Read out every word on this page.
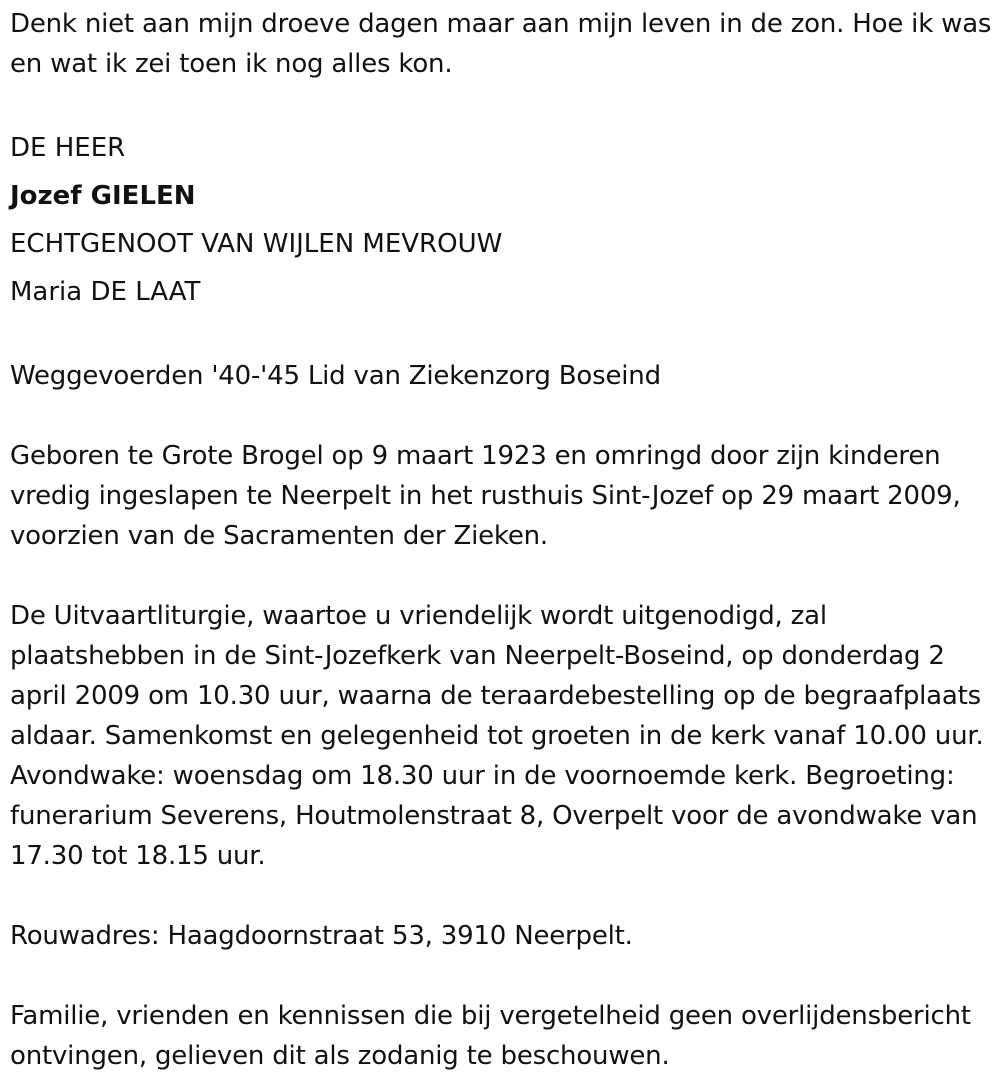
Denk niet aan mijn droeve dagen maar aan mijn leven in de zon. Hoe ik was en wat ik zei toen ik nog alles kon.

DE HEER

Jozef GIELEN

ECHTGENOOT VAN WIJLEN MEVROUW

Maria DE LAAT

Weggevoerden '40-'45 Lid van Ziekenzorg Boseind

Geboren te Grote Brogel op 9 maart 1923 en omringd door zijn kinderen vredig ingeslapen te Neerpelt in het rusthuis Sint-Jozef op 29 maart 2009, voorzien van de Sacramenten der Zieken.

De Uitvaartliturgie, waartoe u vriendelijk wordt uitgenodigd, zal plaatshebben in de Sint-Jozefkerk van Neerpelt-Boseind, op donderdag 2 april 2009 om 10.30 uur, waarna de teraardebestelling op de begraafplaats aldaar. Samenkomst en gelegenheid tot groeten in de kerk vanaf 10.00 uur. Avondwake: woensdag om 18.30 uur in de voornoemde kerk. Begroeting: funerarium Severens, Houtmolenstraat 8, Overpelt voor de avondwake van 17.30 tot 18.15 uur.

Rouwadres: Haagdoornstraat 53, 3910 Neerpelt.

Familie, vrienden en kennissen die bij vergetelheid geen overlijdensbericht ontvingen, gelieven dit als zodanig te beschouwen.
